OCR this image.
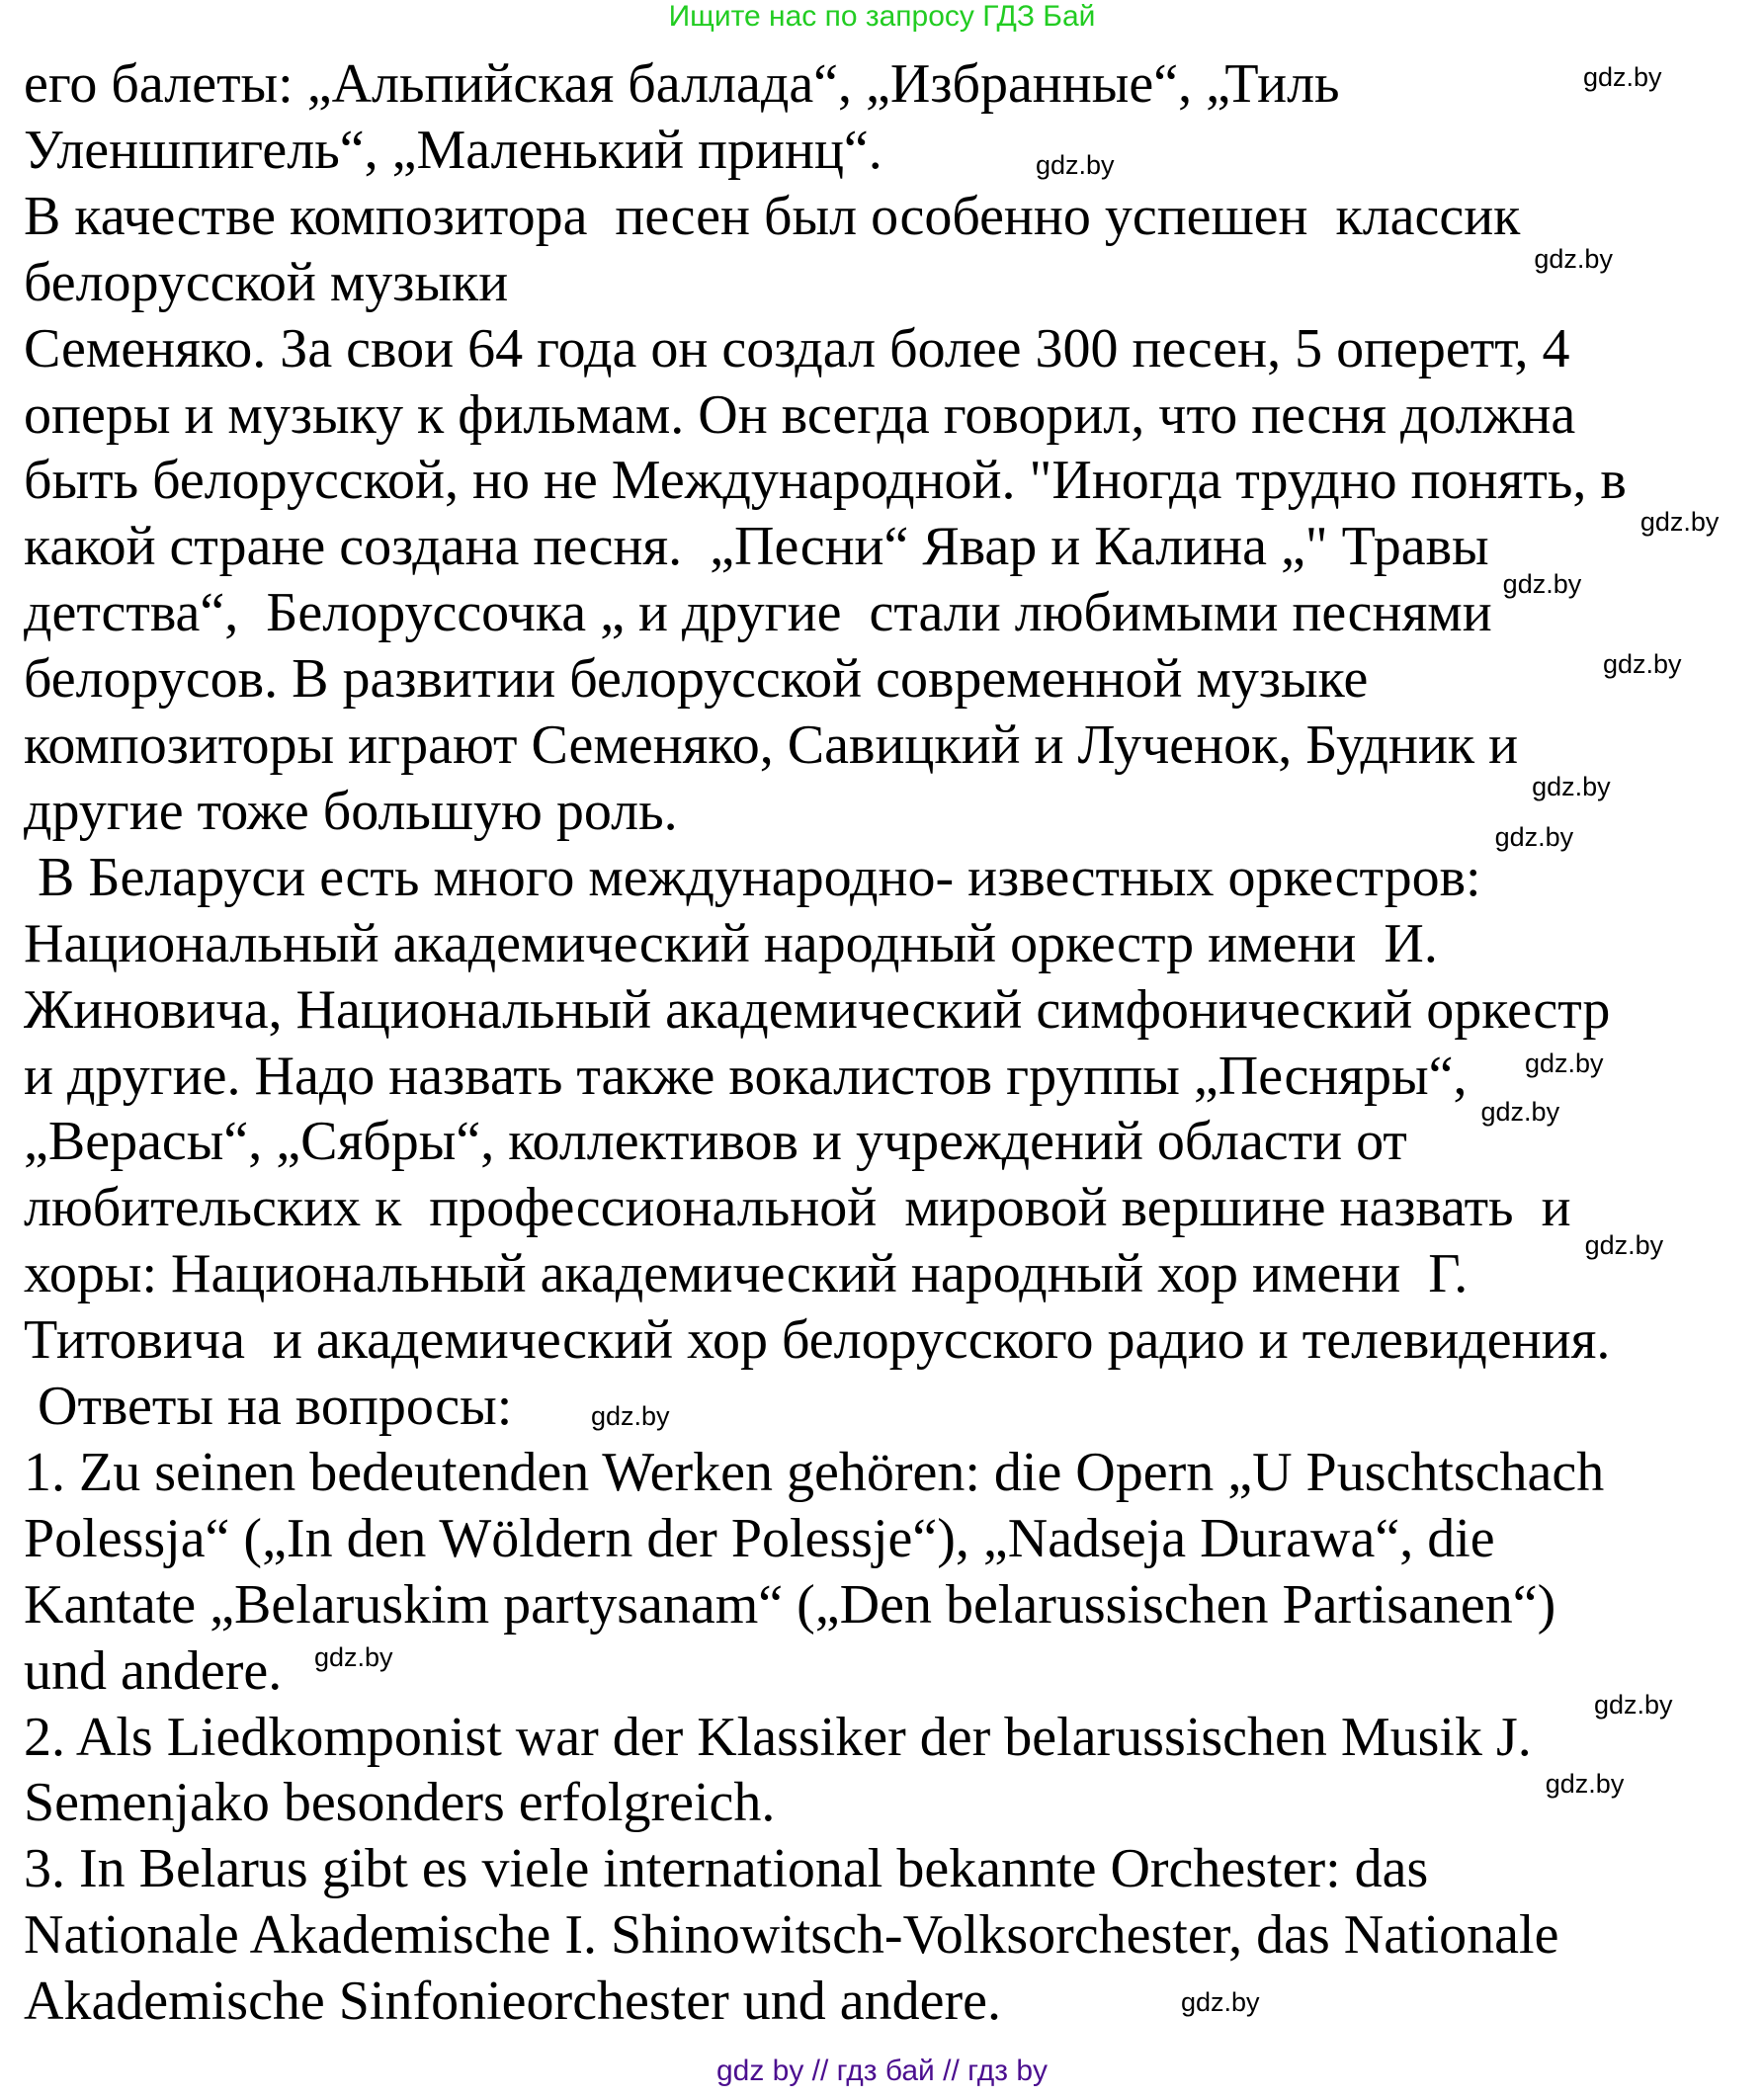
Ищите нас по запросу ГДЗ Бай
его балеты: „Альпийская баллада“, „Избранные“, „Тиль
Уленшпигель“, „Маленький принц“.
В качестве композитора  песен был особенно успешен  классик
белорусской музыки
Семеняко. За свои 64 года он создал более 300 песен, 5 оперетт, 4
оперы и музыку к фильмам. Он всегда говорил, что песня должна
быть белорусской, но не Международной. "Иногда трудно понять, в
какой стране создана песня.  „Песни“ Явар и Калина „" Травы
детства“,  Белоруссочка „ и другие  стали любимыми песнями
белорусов. В развитии белорусской современной музыке
композиторы играют Семеняко, Савицкий и Лученок, Будник и
другие тоже большую роль.
В Беларуси есть много международно- известных оркестров:
Национальный академический народный оркестр имени  И.
Жиновича, Национальный академический симфонический оркестр
и другие. Надо назвать также вокалистов группы „Песняры“,
„Верасы“, „Сябры“, коллективов и учреждений области от
любительских к  профессиональной  мировой вершине назвать  и
хоры: Национальный академический народный хор имени  Г.
Титовича  и академический хор белорусского радио и телевидения.
Ответы на вопросы:
1. Zu seinen bedeutenden Werken gehören: die Opern „U Puschtschach
Polessja“ („In den Wöldern der Polessje“), „Nadseja Durawa“, die
Kantate „Belaruskim partysanam“ („Den belarussischen Partisanen“)
und andere.
2. Als Liedkomponist war der Klassiker der belarussischen Musik J.
Semenjako besonders erfolgreich.
3. In Belarus gibt es viele international bekannte Orchester: das
Nationale Akademische I. Shinowitsch-Volksorchester, das Nationale
Akademische Sinfonieorchester und andere.
gdz.by
gdz.by
gdz.by
gdz.by
gdz.by
gdz.by
gdz.by
gdz.by
gdz.by
gdz.by
gdz.by
gdz.by
gdz.by
gdz.by
gdz.by
gdz.by
gdz by // гдз бай // гдз by
